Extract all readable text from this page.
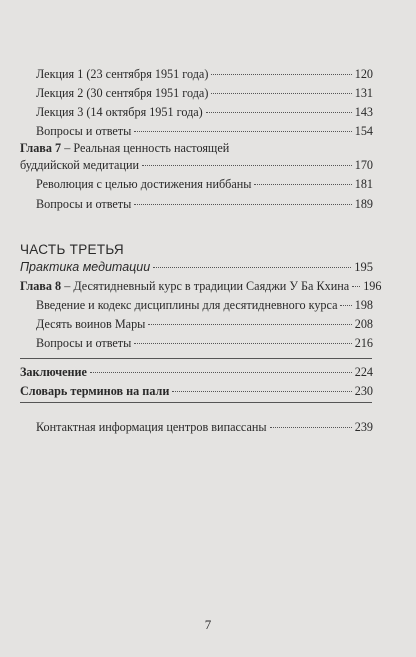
Лекция 1 (23 сентября 1951 года)	120
Лекция 2 (30 сентября 1951 года)	131
Лекция 3 (14 октября 1951 года)	143
Вопросы и ответы	154
Глава 7 – Реальная ценность настоящей
буддийской медитации	170
Революция с целью достижения ниббаны	181
Вопросы и ответы	189
ЧАСТЬ ТРЕТЬЯ
Практика медитации	195
Глава 8 – Десятидневный курс в традиции Саяджи У Ба Кхина 196
Введение и кодекс дисциплины для десятидневного курса 198
Десять воинов Мары	208
Вопросы и ответы	216
Заключение	224
Словарь терминов на пали	230
Контактная информация центров випассаны	239
7
